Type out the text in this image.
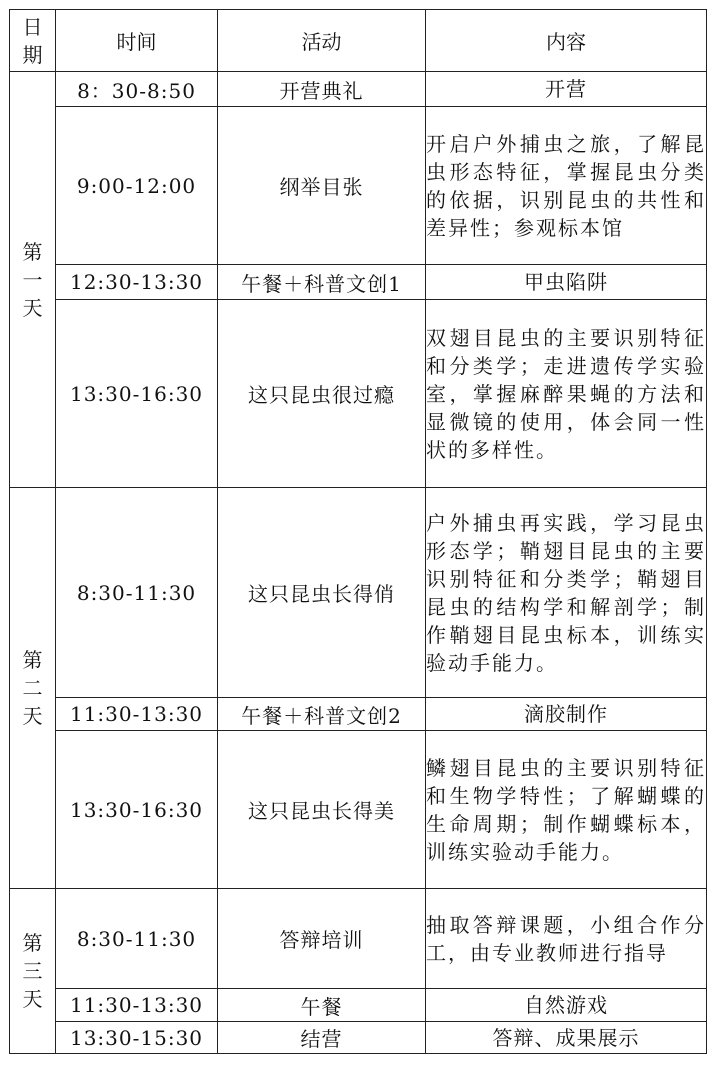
日期	时间	活动	内容
第一天	8：30-8:50	开营典礼	开营
	9:00-12:00	纲举目张	开启户外捕虫之旅，了解昆虫形态特征，掌握昆虫分类的依据，识别昆虫的共性和差异性；参观标本馆
	12:30-13:30	午餐＋科普文创1	甲虫陷阱
	13:30-16:30	这只昆虫很过瘾	双翅目昆虫的主要识别特征和分类学；走进遗传学实验室，掌握麻醉果蝇的方法和显微镜的使用，体会同一性状的多样性。
第二天	8:30-11:30	这只昆虫长得俏	户外捕虫再实践，学习昆虫形态学；鞘翅目昆虫的主要识别特征和分类学；鞘翅目昆虫的结构学和解剖学；制作鞘翅目昆虫标本，训练实验动手能力。
	11:30-13:30	午餐＋科普文创2	滴胶制作
	13:30-16:30	这只昆虫长得美	鳞翅目昆虫的主要识别特征和生物学特性；了解蝴蝶的生命周期；制作蝴蝶标本，训练实验动手能力。
第三天	8:30-11:30	答辩培训	抽取答辩课题，小组合作分工，由专业教师进行指导
	11:30-13:30	午餐	自然游戏
	13:30-15:30	结营	答辩、成果展示
